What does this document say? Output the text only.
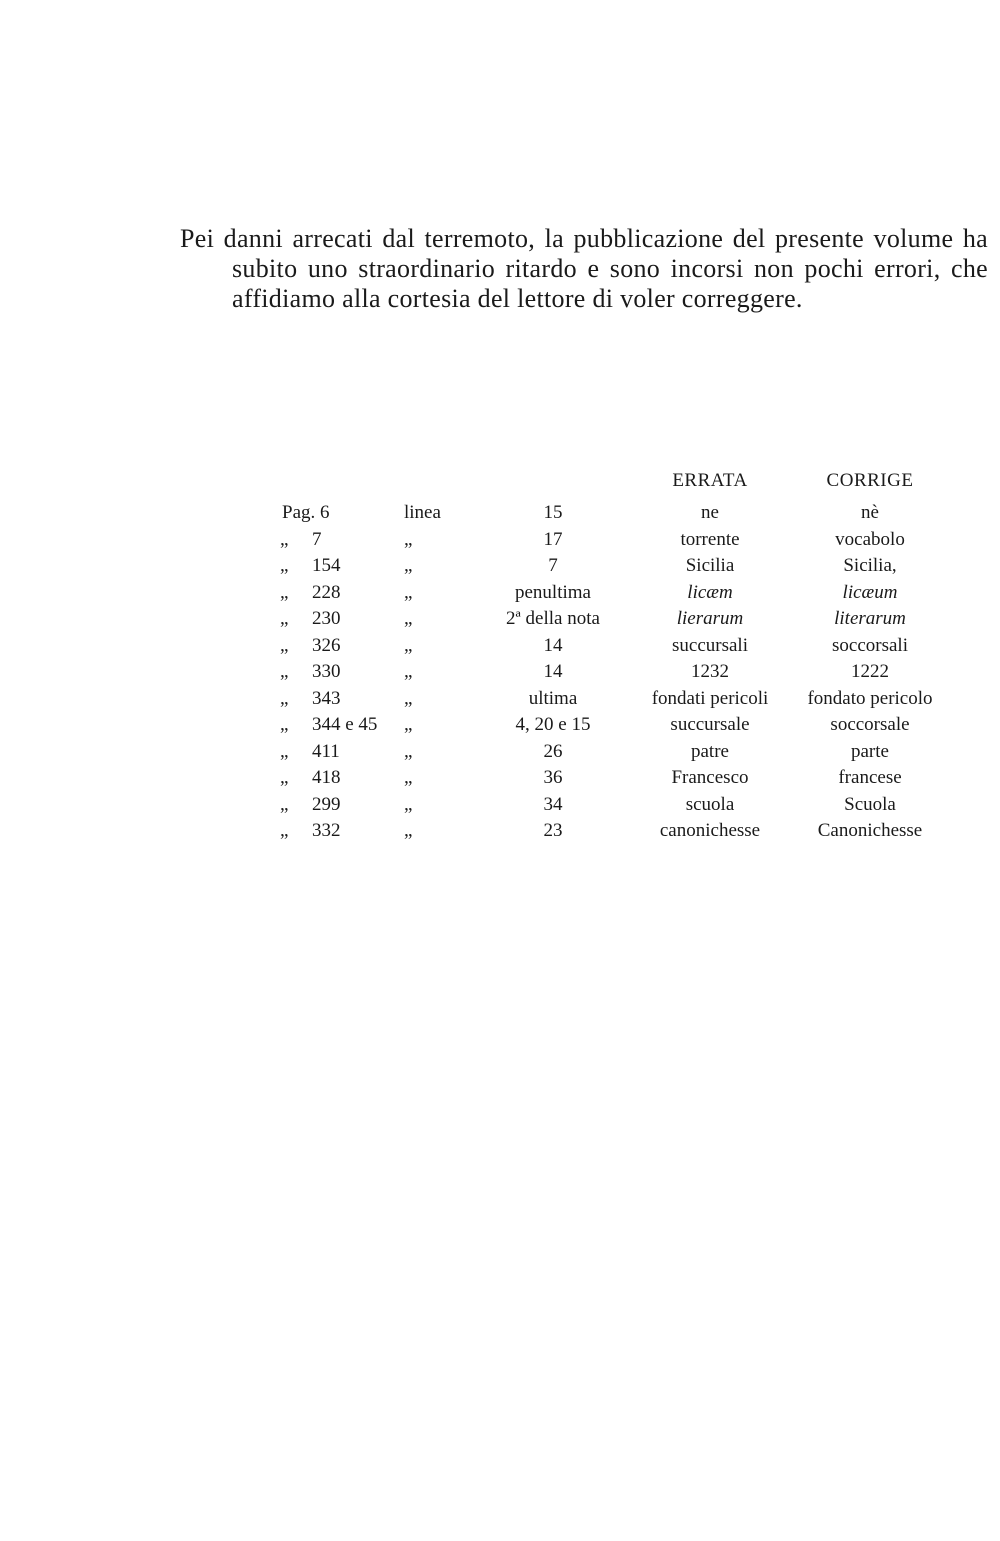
Pei danni arrecati dal terremoto, la pubblicazione del presente volume ha subito uno straordinario ritardo e sono incorsi non pochi errori, che affidiamo alla cortesia del lettore di voler correggere.

				ERRATA	CORRIGE
Pag. 6		linea	15	ne	nè
„	7	„	17	torrente	vocabolo
„	154	„	7	Sicilia	Sicilia,
„	228	„	penultima	licæm	licæum
„	230	„	2ª della nota	lierarum	literarum
„	326	„	14	succursali	soccorsali
„	330	„	14	1232	1222
„	343	„	ultima	fondati pericoli	fondato pericolo
„	344 e 45	„	4, 20 e 15	succursale	soccorsale
„	411	„	26	patre	parte
„	418	„	36	Francesco	francese
„	299	„	34	scuola	Scuola
„	332	„	23	canonichesse	Canonichesse
